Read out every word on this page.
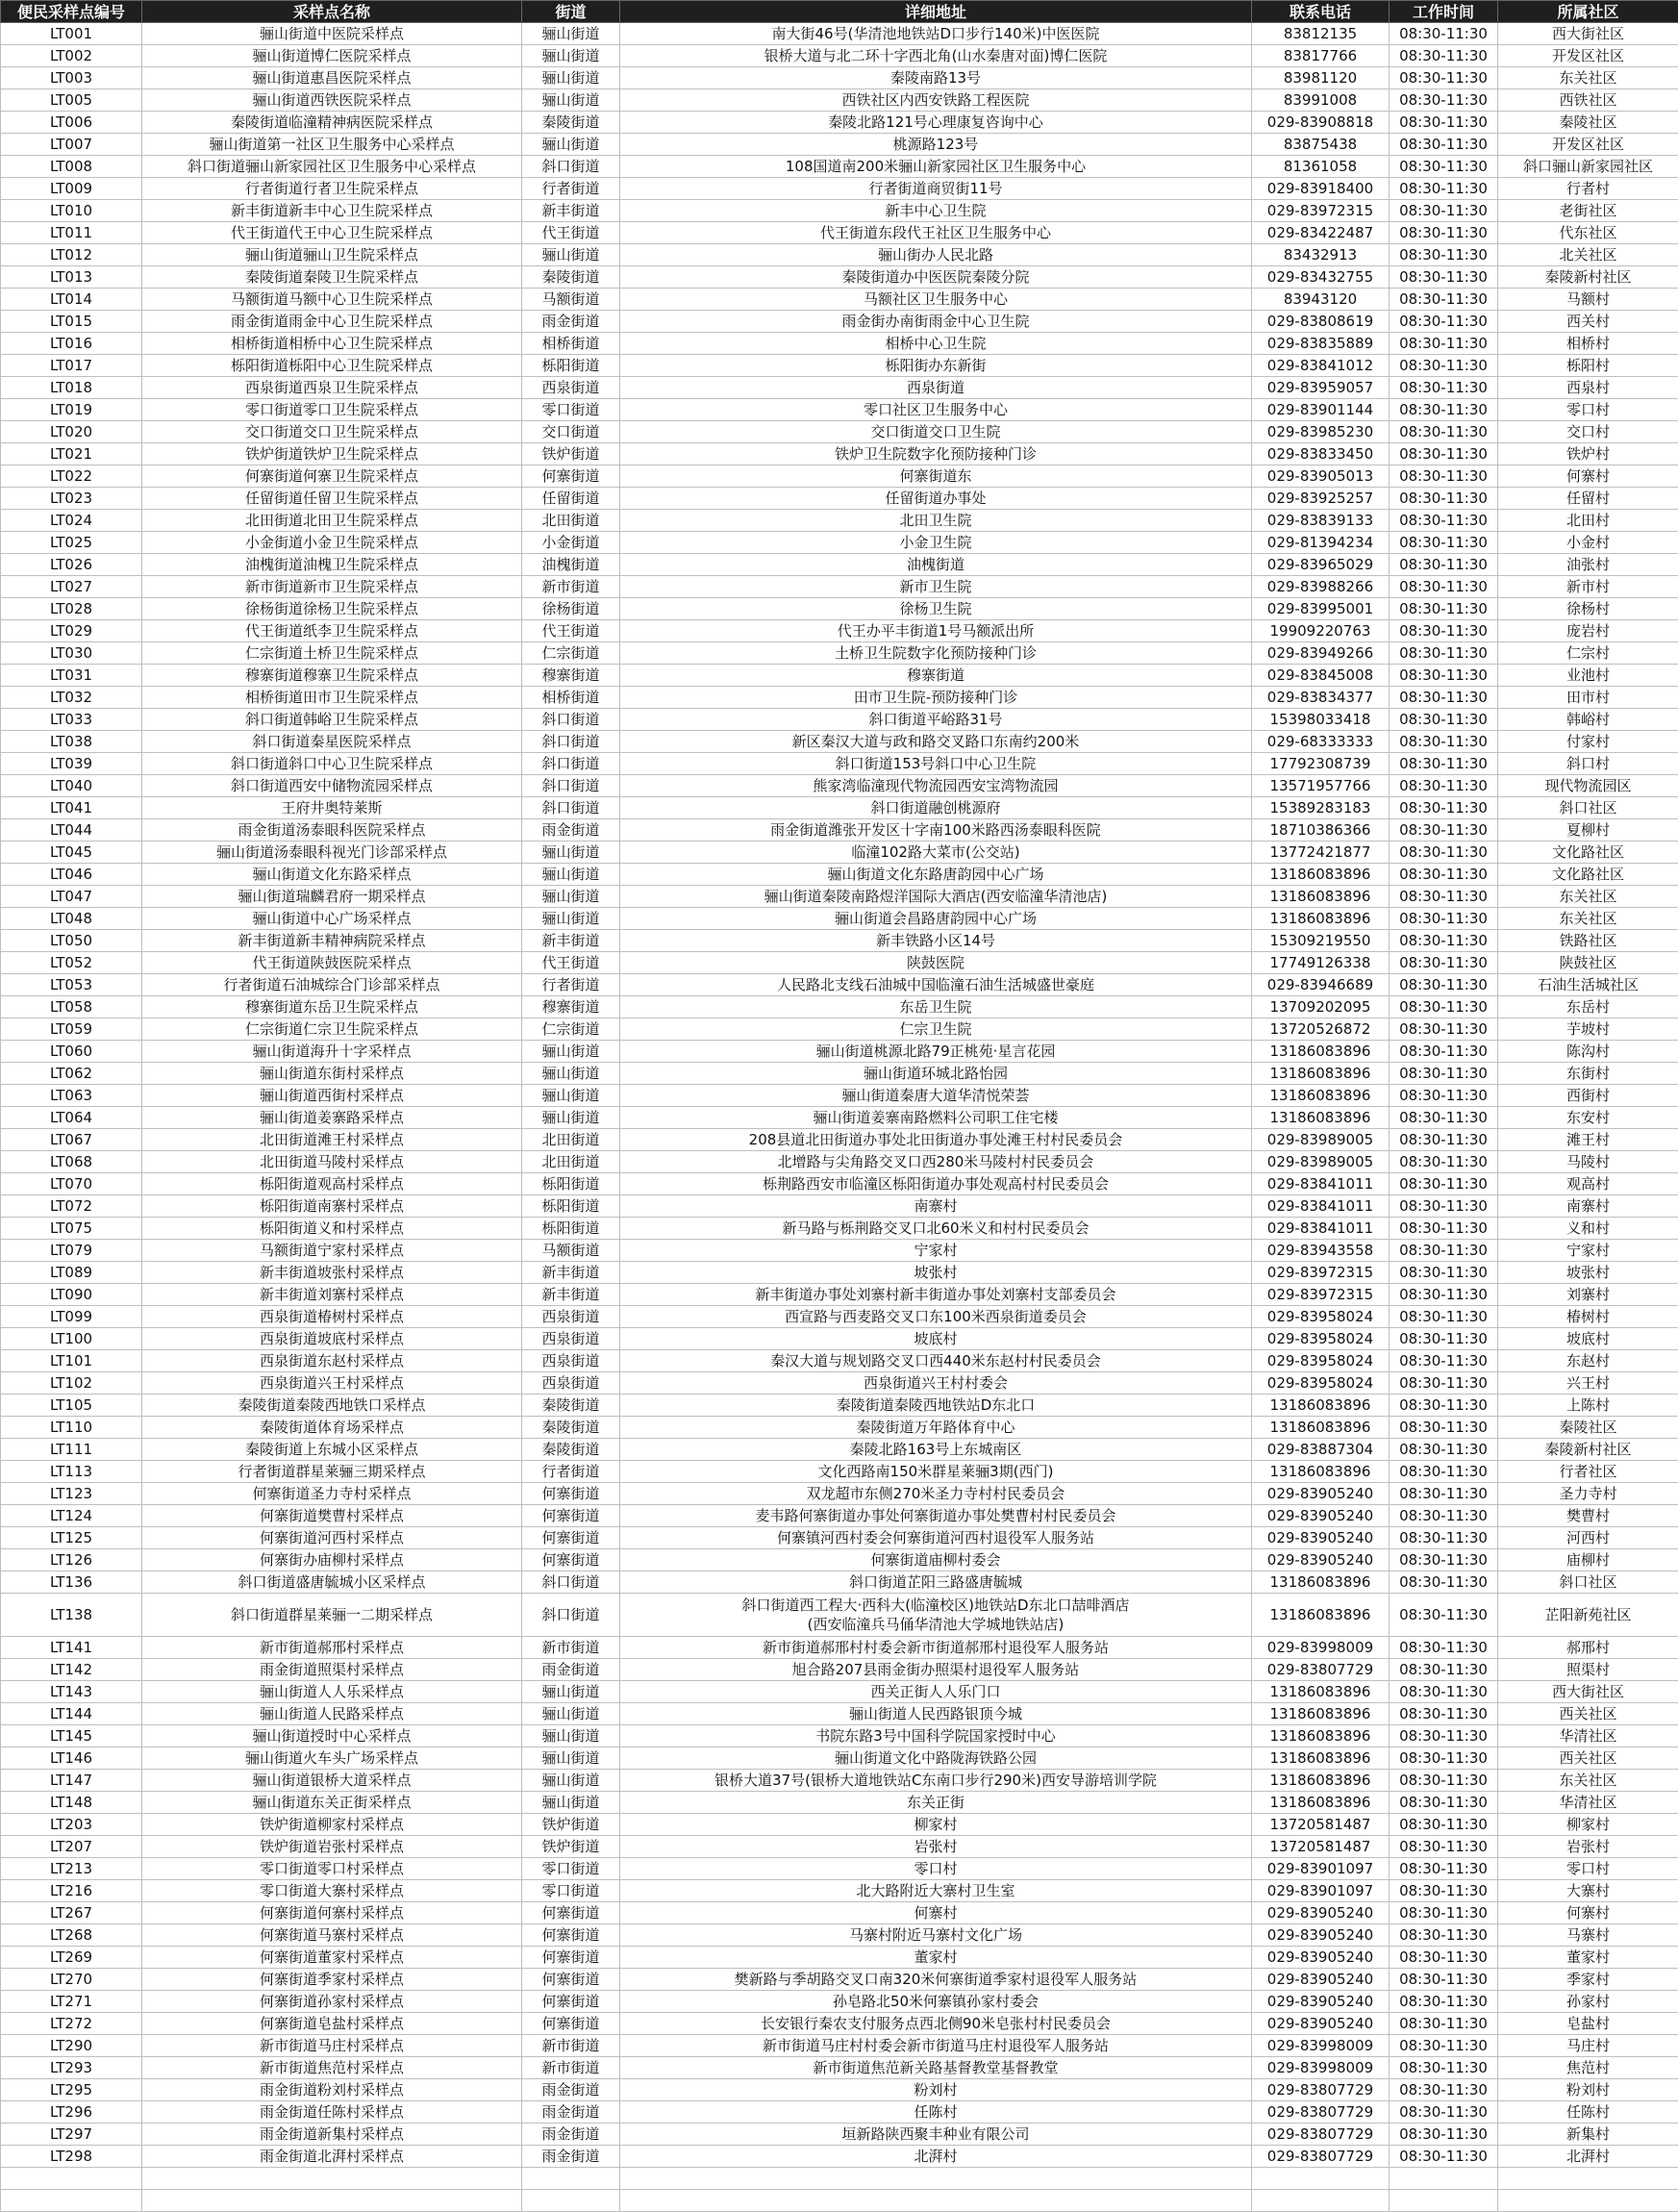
便民采样点编号	采样点名称	街道	详细地址	联系电话	工作时间	所属社区
LT001	骊山街道中医院采样点	骊山街道	南大街46号(华清池地铁站D口步行140米)中医医院	83812135	08:30-11:30	西大街社区
LT002	骊山街道博仁医院采样点	骊山街道	银桥大道与北二环十字西北角(山水秦唐对面)博仁医院	83817766	08:30-11:30	开发区社区
LT003	骊山街道惠昌医院采样点	骊山街道	秦陵南路13号	83981120	08:30-11:30	东关社区
LT005	骊山街道西铁医院采样点	骊山街道	西铁社区内西安铁路工程医院	83991008	08:30-11:30	西铁社区
LT006	秦陵街道临潼精神病医院采样点	秦陵街道	秦陵北路121号心理康复咨询中心	029-83908818	08:30-11:30	秦陵社区
LT007	骊山街道第一社区卫生服务中心采样点	骊山街道	桃源路123号	83875438	08:30-11:30	开发区社区
LT008	斜口街道骊山新家园社区卫生服务中心采样点	斜口街道	108国道南200米骊山新家园社区卫生服务中心	81361058	08:30-11:30	斜口骊山新家园社区
LT009	行者街道行者卫生院采样点	行者街道	行者街道商贸街11号	029-83918400	08:30-11:30	行者村
LT010	新丰街道新丰中心卫生院采样点	新丰街道	新丰中心卫生院	029-83972315	08:30-11:30	老街社区
LT011	代王街道代王中心卫生院采样点	代王街道	代王街道东段代王社区卫生服务中心	029-83422487	08:30-11:30	代东社区
LT012	骊山街道骊山卫生院采样点	骊山街道	骊山街办人民北路	83432913	08:30-11:30	北关社区
LT013	秦陵街道秦陵卫生院采样点	秦陵街道	秦陵街道办中医医院秦陵分院	029-83432755	08:30-11:30	秦陵新村社区
LT014	马额街道马额中心卫生院采样点	马额街道	马额社区卫生服务中心	83943120	08:30-11:30	马额村
LT015	雨金街道雨金中心卫生院采样点	雨金街道	雨金街办南街雨金中心卫生院	029-83808619	08:30-11:30	西关村
LT016	相桥街道相桥中心卫生院采样点	相桥街道	相桥中心卫生院	029-83835889	08:30-11:30	相桥村
LT017	栎阳街道栎阳中心卫生院采样点	栎阳街道	栎阳街办东新街	029-83841012	08:30-11:30	栎阳村
LT018	西泉街道西泉卫生院采样点	西泉街道	西泉街道	029-83959057	08:30-11:30	西泉村
LT019	零口街道零口卫生院采样点	零口街道	零口社区卫生服务中心	029-83901144	08:30-11:30	零口村
LT020	交口街道交口卫生院采样点	交口街道	交口街道交口卫生院	029-83985230	08:30-11:30	交口村
LT021	铁炉街道铁炉卫生院采样点	铁炉街道	铁炉卫生院数字化预防接种门诊	029-83833450	08:30-11:30	铁炉村
LT022	何寨街道何寨卫生院采样点	何寨街道	何寨街道东	029-83905013	08:30-11:30	何寨村
LT023	任留街道任留卫生院采样点	任留街道	任留街道办事处	029-83925257	08:30-11:30	任留村
LT024	北田街道北田卫生院采样点	北田街道	北田卫生院	029-83839133	08:30-11:30	北田村
LT025	小金街道小金卫生院采样点	小金街道	小金卫生院	029-81394234	08:30-11:30	小金村
LT026	油槐街道油槐卫生院采样点	油槐街道	油槐街道	029-83965029	08:30-11:30	油张村
LT027	新市街道新市卫生院采样点	新市街道	新市卫生院	029-83988266	08:30-11:30	新市村
LT028	徐杨街道徐杨卫生院采样点	徐杨街道	徐杨卫生院	029-83995001	08:30-11:30	徐杨村
LT029	代王街道纸李卫生院采样点	代王街道	代王办平丰街道1号马额派出所	19909220763	08:30-11:30	庞岩村
LT030	仁宗街道土桥卫生院采样点	仁宗街道	土桥卫生院数字化预防接种门诊	029-83949266	08:30-11:30	仁宗村
LT031	穆寨街道穆寨卫生院采样点	穆寨街道	穆寨街道	029-83845008	08:30-11:30	业池村
LT032	相桥街道田市卫生院采样点	相桥街道	田市卫生院-预防接种门诊	029-83834377	08:30-11:30	田市村
LT033	斜口街道韩峪卫生院采样点	斜口街道	斜口街道平峪路31号	15398033418	08:30-11:30	韩峪村
LT038	斜口街道秦星医院采样点	斜口街道	新区秦汉大道与政和路交叉路口东南约200米	029-68333333	08:30-11:30	付家村
LT039	斜口街道斜口中心卫生院采样点	斜口街道	斜口街道153号斜口中心卫生院	17792308739	08:30-11:30	斜口村
LT040	斜口街道西安中储物流园采样点	斜口街道	熊家湾临潼现代物流园西安宝湾物流园	13571957766	08:30-11:30	现代物流园区
LT041	王府井奥特莱斯	斜口街道	斜口街道融创桃源府	15389283183	08:30-11:30	斜口社区
LT044	雨金街道汤泰眼科医院采样点	雨金街道	雨金街道潍张开发区十字南100米路西汤泰眼科医院	18710386366	08:30-11:30	夏柳村
LT045	骊山街道汤泰眼科视光门诊部采样点	骊山街道	临潼102路大菜市(公交站)	13772421877	08:30-11:30	文化路社区
LT046	骊山街道文化东路采样点	骊山街道	骊山街道文化东路唐韵园中心广场	13186083896	08:30-11:30	文化路社区
LT047	骊山街道瑞麟君府一期采样点	骊山街道	骊山街道秦陵南路煜洋国际大酒店(西安临潼华清池店)	13186083896	08:30-11:30	东关社区
LT048	骊山街道中心广场采样点	骊山街道	骊山街道会昌路唐韵园中心广场	13186083896	08:30-11:30	东关社区
LT050	新丰街道新丰精神病院采样点	新丰街道	新丰铁路小区14号	15309219550	08:30-11:30	铁路社区
LT052	代王街道陕鼓医院采样点	代王街道	陕鼓医院	17749126338	08:30-11:30	陕鼓社区
LT053	行者街道石油城综合门诊部采样点	行者街道	人民路北支线石油城中国临潼石油生活城盛世豪庭	029-83946689	08:30-11:30	石油生活城社区
LT058	穆寨街道东岳卫生院采样点	穆寨街道	东岳卫生院	13709202095	08:30-11:30	东岳村
LT059	仁宗街道仁宗卫生院采样点	仁宗街道	仁宗卫生院	13720526872	08:30-11:30	芋坡村
LT060	骊山街道海升十字采样点	骊山街道	骊山街道桃源北路79正桃苑·星言花园	13186083896	08:30-11:30	陈沟村
LT062	骊山街道东街村采样点	骊山街道	骊山街道环城北路怡园	13186083896	08:30-11:30	东街村
LT063	骊山街道西街村采样点	骊山街道	骊山街道秦唐大道华清悦荣荟	13186083896	08:30-11:30	西街村
LT064	骊山街道姜寨路采样点	骊山街道	骊山街道姜寨南路燃料公司职工住宅楼	13186083896	08:30-11:30	东安村
LT067	北田街道滩王村采样点	北田街道	208县道北田街道办事处北田街道办事处滩王村村民委员会	029-83989005	08:30-11:30	滩王村
LT068	北田街道马陵村采样点	北田街道	北增路与尖角路交叉口西280米马陵村村民委员会	029-83989005	08:30-11:30	马陵村
LT070	栎阳街道观高村采样点	栎阳街道	栎荆路西安市临潼区栎阳街道办事处观高村村民委员会	029-83841011	08:30-11:30	观高村
LT072	栎阳街道南寨村采样点	栎阳街道	南寨村	029-83841011	08:30-11:30	南寨村
LT075	栎阳街道义和村采样点	栎阳街道	新马路与栎荆路交叉口北60米义和村村民委员会	029-83841011	08:30-11:30	义和村
LT079	马额街道宁家村采样点	马额街道	宁家村	029-83943558	08:30-11:30	宁家村
LT089	新丰街道坡张村采样点	新丰街道	坡张村	029-83972315	08:30-11:30	坡张村
LT090	新丰街道刘寨村采样点	新丰街道	新丰街道办事处刘寨村新丰街道办事处刘寨村支部委员会	029-83972315	08:30-11:30	刘寨村
LT099	西泉街道椿树村采样点	西泉街道	西宣路与西麦路交叉口东100米西泉街道委员会	029-83958024	08:30-11:30	椿树村
LT100	西泉街道坡底村采样点	西泉街道	坡底村	029-83958024	08:30-11:30	坡底村
LT101	西泉街道东赵村采样点	西泉街道	秦汉大道与规划路交叉口西440米东赵村村民委员会	029-83958024	08:30-11:30	东赵村
LT102	西泉街道兴王村采样点	西泉街道	西泉街道兴王村村委会	029-83958024	08:30-11:30	兴王村
LT105	秦陵街道秦陵西地铁口采样点	秦陵街道	秦陵街道秦陵西地铁站D东北口	13186083896	08:30-11:30	上陈村
LT110	秦陵街道体育场采样点	秦陵街道	秦陵街道万年路体育中心	13186083896	08:30-11:30	秦陵社区
LT111	秦陵街道上东城小区采样点	秦陵街道	秦陵北路163号上东城南区	029-83887304	08:30-11:30	秦陵新村社区
LT113	行者街道群星莱骊三期采样点	行者街道	文化西路南150米群星莱骊3期(西门)	13186083896	08:30-11:30	行者社区
LT123	何寨街道圣力寺村采样点	何寨街道	双龙超市东侧270米圣力寺村村民委员会	029-83905240	08:30-11:30	圣力寺村
LT124	何寨街道樊曹村采样点	何寨街道	麦韦路何寨街道办事处何寨街道办事处樊曹村村民委员会	029-83905240	08:30-11:30	樊曹村
LT125	何寨街道河西村采样点	何寨街道	何寨镇河西村委会何寨街道河西村退役军人服务站	029-83905240	08:30-11:30	河西村
LT126	何寨街办庙柳村采样点	何寨街道	何寨街道庙柳村委会	029-83905240	08:30-11:30	庙柳村
LT136	斜口街道盛唐毓城小区采样点	斜口街道	斜口街道芷阳三路盛唐毓城	13186083896	08:30-11:30	斜口社区
LT138	斜口街道群星莱骊一二期采样点	斜口街道	斜口街道西工程大·西科大(临潼校区)地铁站D东北口喆啡酒店
(西安临潼兵马俑华清池大学城地铁站店)	13186083896	08:30-11:30	芷阳新苑社区
LT141	新市街道郝邢村采样点	新市街道	新市街道郝邢村村委会新市街道郝邢村退役军人服务站	029-83998009	08:30-11:30	郝邢村
LT142	雨金街道照渠村采样点	雨金街道	旭合路207县雨金街办照渠村退役军人服务站	029-83807729	08:30-11:30	照渠村
LT143	骊山街道人人乐采样点	骊山街道	西关正街人人乐门口	13186083896	08:30-11:30	西大街社区
LT144	骊山街道人民路采样点	骊山街道	骊山街道人民西路银顶今城	13186083896	08:30-11:30	西关社区
LT145	骊山街道授时中心采样点	骊山街道	书院东路3号中国科学院国家授时中心	13186083896	08:30-11:30	华清社区
LT146	骊山街道火车头广场采样点	骊山街道	骊山街道文化中路陇海铁路公园	13186083896	08:30-11:30	西关社区
LT147	骊山街道银桥大道采样点	骊山街道	银桥大道37号(银桥大道地铁站C东南口步行290米)西安导游培训学院	13186083896	08:30-11:30	东关社区
LT148	骊山街道东关正街采样点	骊山街道	东关正街	13186083896	08:30-11:30	华清社区
LT203	铁炉街道柳家村采样点	铁炉街道	柳家村	13720581487	08:30-11:30	柳家村
LT207	铁炉街道岩张村采样点	铁炉街道	岩张村	13720581487	08:30-11:30	岩张村
LT213	零口街道零口村采样点	零口街道	零口村	029-83901097	08:30-11:30	零口村
LT216	零口街道大寨村采样点	零口街道	北大路附近大寨村卫生室	029-83901097	08:30-11:30	大寨村
LT267	何寨街道何寨村采样点	何寨街道	何寨村	029-83905240	08:30-11:30	何寨村
LT268	何寨街道马寨村采样点	何寨街道	马寨村附近马寨村文化广场	029-83905240	08:30-11:30	马寨村
LT269	何寨街道董家村采样点	何寨街道	董家村	029-83905240	08:30-11:30	董家村
LT270	何寨街道季家村采样点	何寨街道	樊新路与季胡路交叉口南320米何寨街道季家村退役军人服务站	029-83905240	08:30-11:30	季家村
LT271	何寨街道孙家村采样点	何寨街道	孙皂路北50米何寨镇孙家村委会	029-83905240	08:30-11:30	孙家村
LT272	何寨街道皂盐村采样点	何寨街道	长安银行秦农支付服务点西北侧90米皂张村村民委员会	029-83905240	08:30-11:30	皂盐村
LT290	新市街道马庄村采样点	新市街道	新市街道马庄村村委会新市街道马庄村退役军人服务站	029-83998009	08:30-11:30	马庄村
LT293	新市街道焦范村采样点	新市街道	新市街道焦范新关路基督教堂基督教堂	029-83998009	08:30-11:30	焦范村
LT295	雨金街道粉刘村采样点	雨金街道	粉刘村	029-83807729	08:30-11:30	粉刘村
LT296	雨金街道任陈村采样点	雨金街道	任陈村	029-83807729	08:30-11:30	任陈村
LT297	雨金街道新集村采样点	雨金街道	垣新路陕西聚丰种业有限公司	029-83807729	08:30-11:30	新集村
LT298	雨金街道北湃村采样点	雨金街道	北湃村	029-83807729	08:30-11:30	北湃村
